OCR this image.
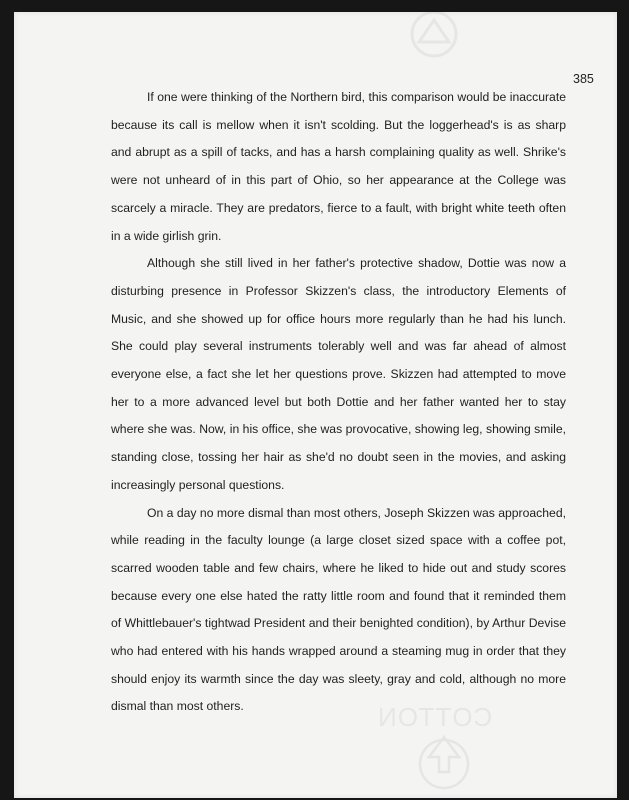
COTTON
385

If one were thinking of the Northern bird, this comparison would be inaccurate because its call is mellow when it isn't scolding. But the loggerhead's is as sharp and abrupt as a spill of tacks, and has a harsh complaining quality as well. Shrike's were not unheard of in this part of Ohio, so her appearance at the College was scarcely a miracle. They are predators, fierce to a fault, with bright white teeth often in a wide girlish grin.

Although she still lived in her father's protective shadow, Dottie was now a disturbing presence in Professor Skizzen's class, the introductory Elements of Music, and she showed up for office hours more regularly than he had his lunch. She could play several instruments tolerably well and was far ahead of almost everyone else, a fact she let her questions prove. Skizzen had attempted to move her to a more advanced level but both Dottie and her father wanted her to stay where she was. Now, in his office, she was provocative, showing leg, showing smile, standing close, tossing her hair as she'd no doubt seen in the movies, and asking increasingly personal questions.

On a day no more dismal than most others, Joseph Skizzen was approached, while reading in the faculty lounge (a large closet sized space with a coffee pot, scarred wooden table and few chairs, where he liked to hide out and study scores because every one else hated the ratty little room and found that it reminded them of Whittlebauer's tightwad President and their benighted condition), by Arthur Devise who had entered with his hands wrapped around a steaming mug in order that they should enjoy its warmth since the day was sleety, gray and cold, although no more dismal than most others.
